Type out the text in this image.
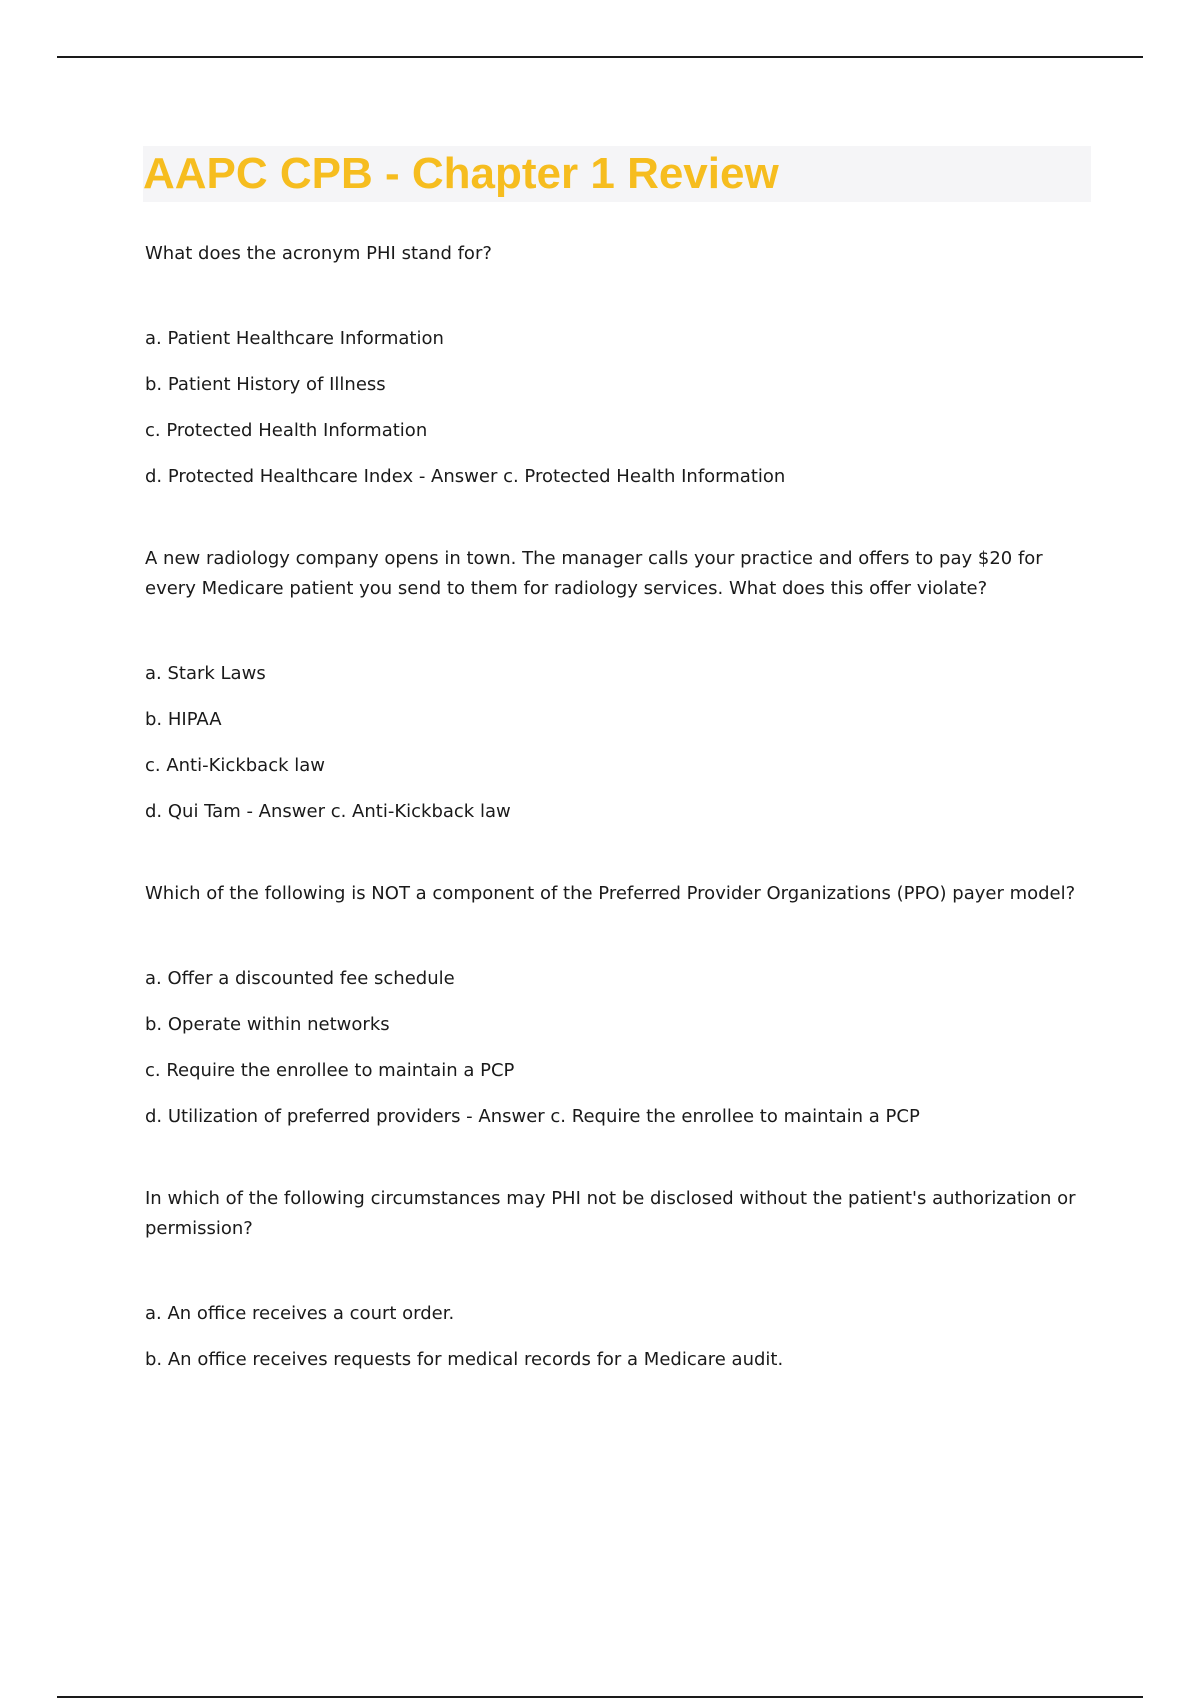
AAPC CPB - Chapter 1 Review

What does the acronym PHI stand for?

a. Patient Healthcare Information
b. Patient History of Illness
c. Protected Health Information
d. Protected Healthcare Index - Answer c. Protected Health Information

A new radiology company opens in town. The manager calls your practice and offers to pay $20 for every Medicare patient you send to them for radiology services. What does this offer violate?

a. Stark Laws
b. HIPAA
c. Anti-Kickback law
d. Qui Tam - Answer c. Anti-Kickback law

Which of the following is NOT a component of the Preferred Provider Organizations (PPO) payer model?

a. Offer a discounted fee schedule
b. Operate within networks
c. Require the enrollee to maintain a PCP
d. Utilization of preferred providers - Answer c. Require the enrollee to maintain a PCP

In which of the following circumstances may PHI not be disclosed without the patient's authorization or permission?

a. An office receives a court order.
b. An office receives requests for medical records for a Medicare audit.
